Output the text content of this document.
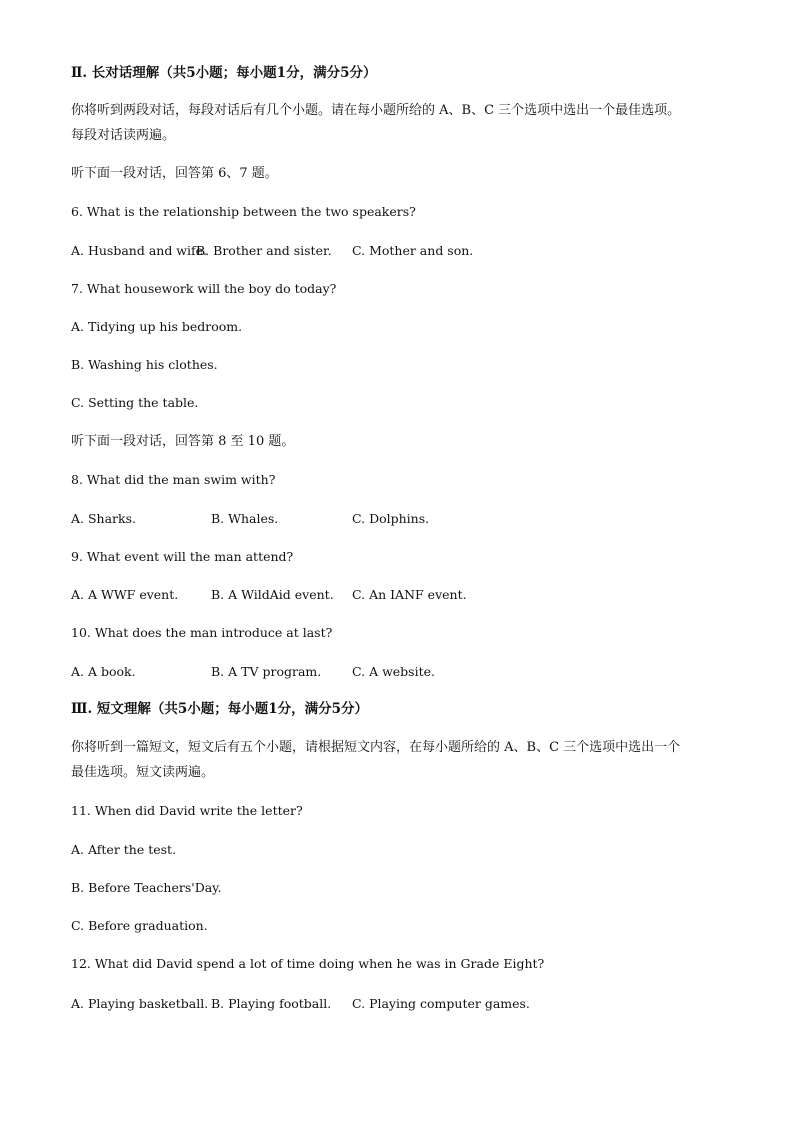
Ⅱ. 长对话理解（共5小题；每小题1分，满分5分）
你将听到两段对话，每段对话后有几个小题。请在每小题所给的 A、B、C 三个选项中选出一个最佳选项。
每段对话读两遍。
听下面一段对话，回答第 6、7 题。
6. What is the relationship between the two speakers?
A. Husband and wife.
B. Brother and sister. C. Mother and son.
7. What housework will the boy do today?
A. Tidying up his bedroom.
B. Washing his clothes.
C. Setting the table.
听下面一段对话，回答第 8 至 10 题。
8. What did the man swim with?
A. Sharks.	B. Whales.	C. Dolphins.
9. What event will the man attend?
A. A WWF event.	B. A WildAid event. C. An IANF event.
10. What does the man introduce at last?
A. A book.	B. A TV program. C. A website.
Ⅲ. 短文理解（共5小题；每小题1分，满分5分）
你将听到一篇短文，短文后有五个小题，请根据短文内容，在每小题所给的 A、B、C 三个选项中选出一个
最佳选项。短文读两遍。
11. When did David write the letter?
A. After the test.
B. Before Teachers'Day.
C. Before graduation.
12. What did David spend a lot of time doing when he was in Grade Eight?
A. Playing basketball. B. Playing football. C. Playing computer games.
